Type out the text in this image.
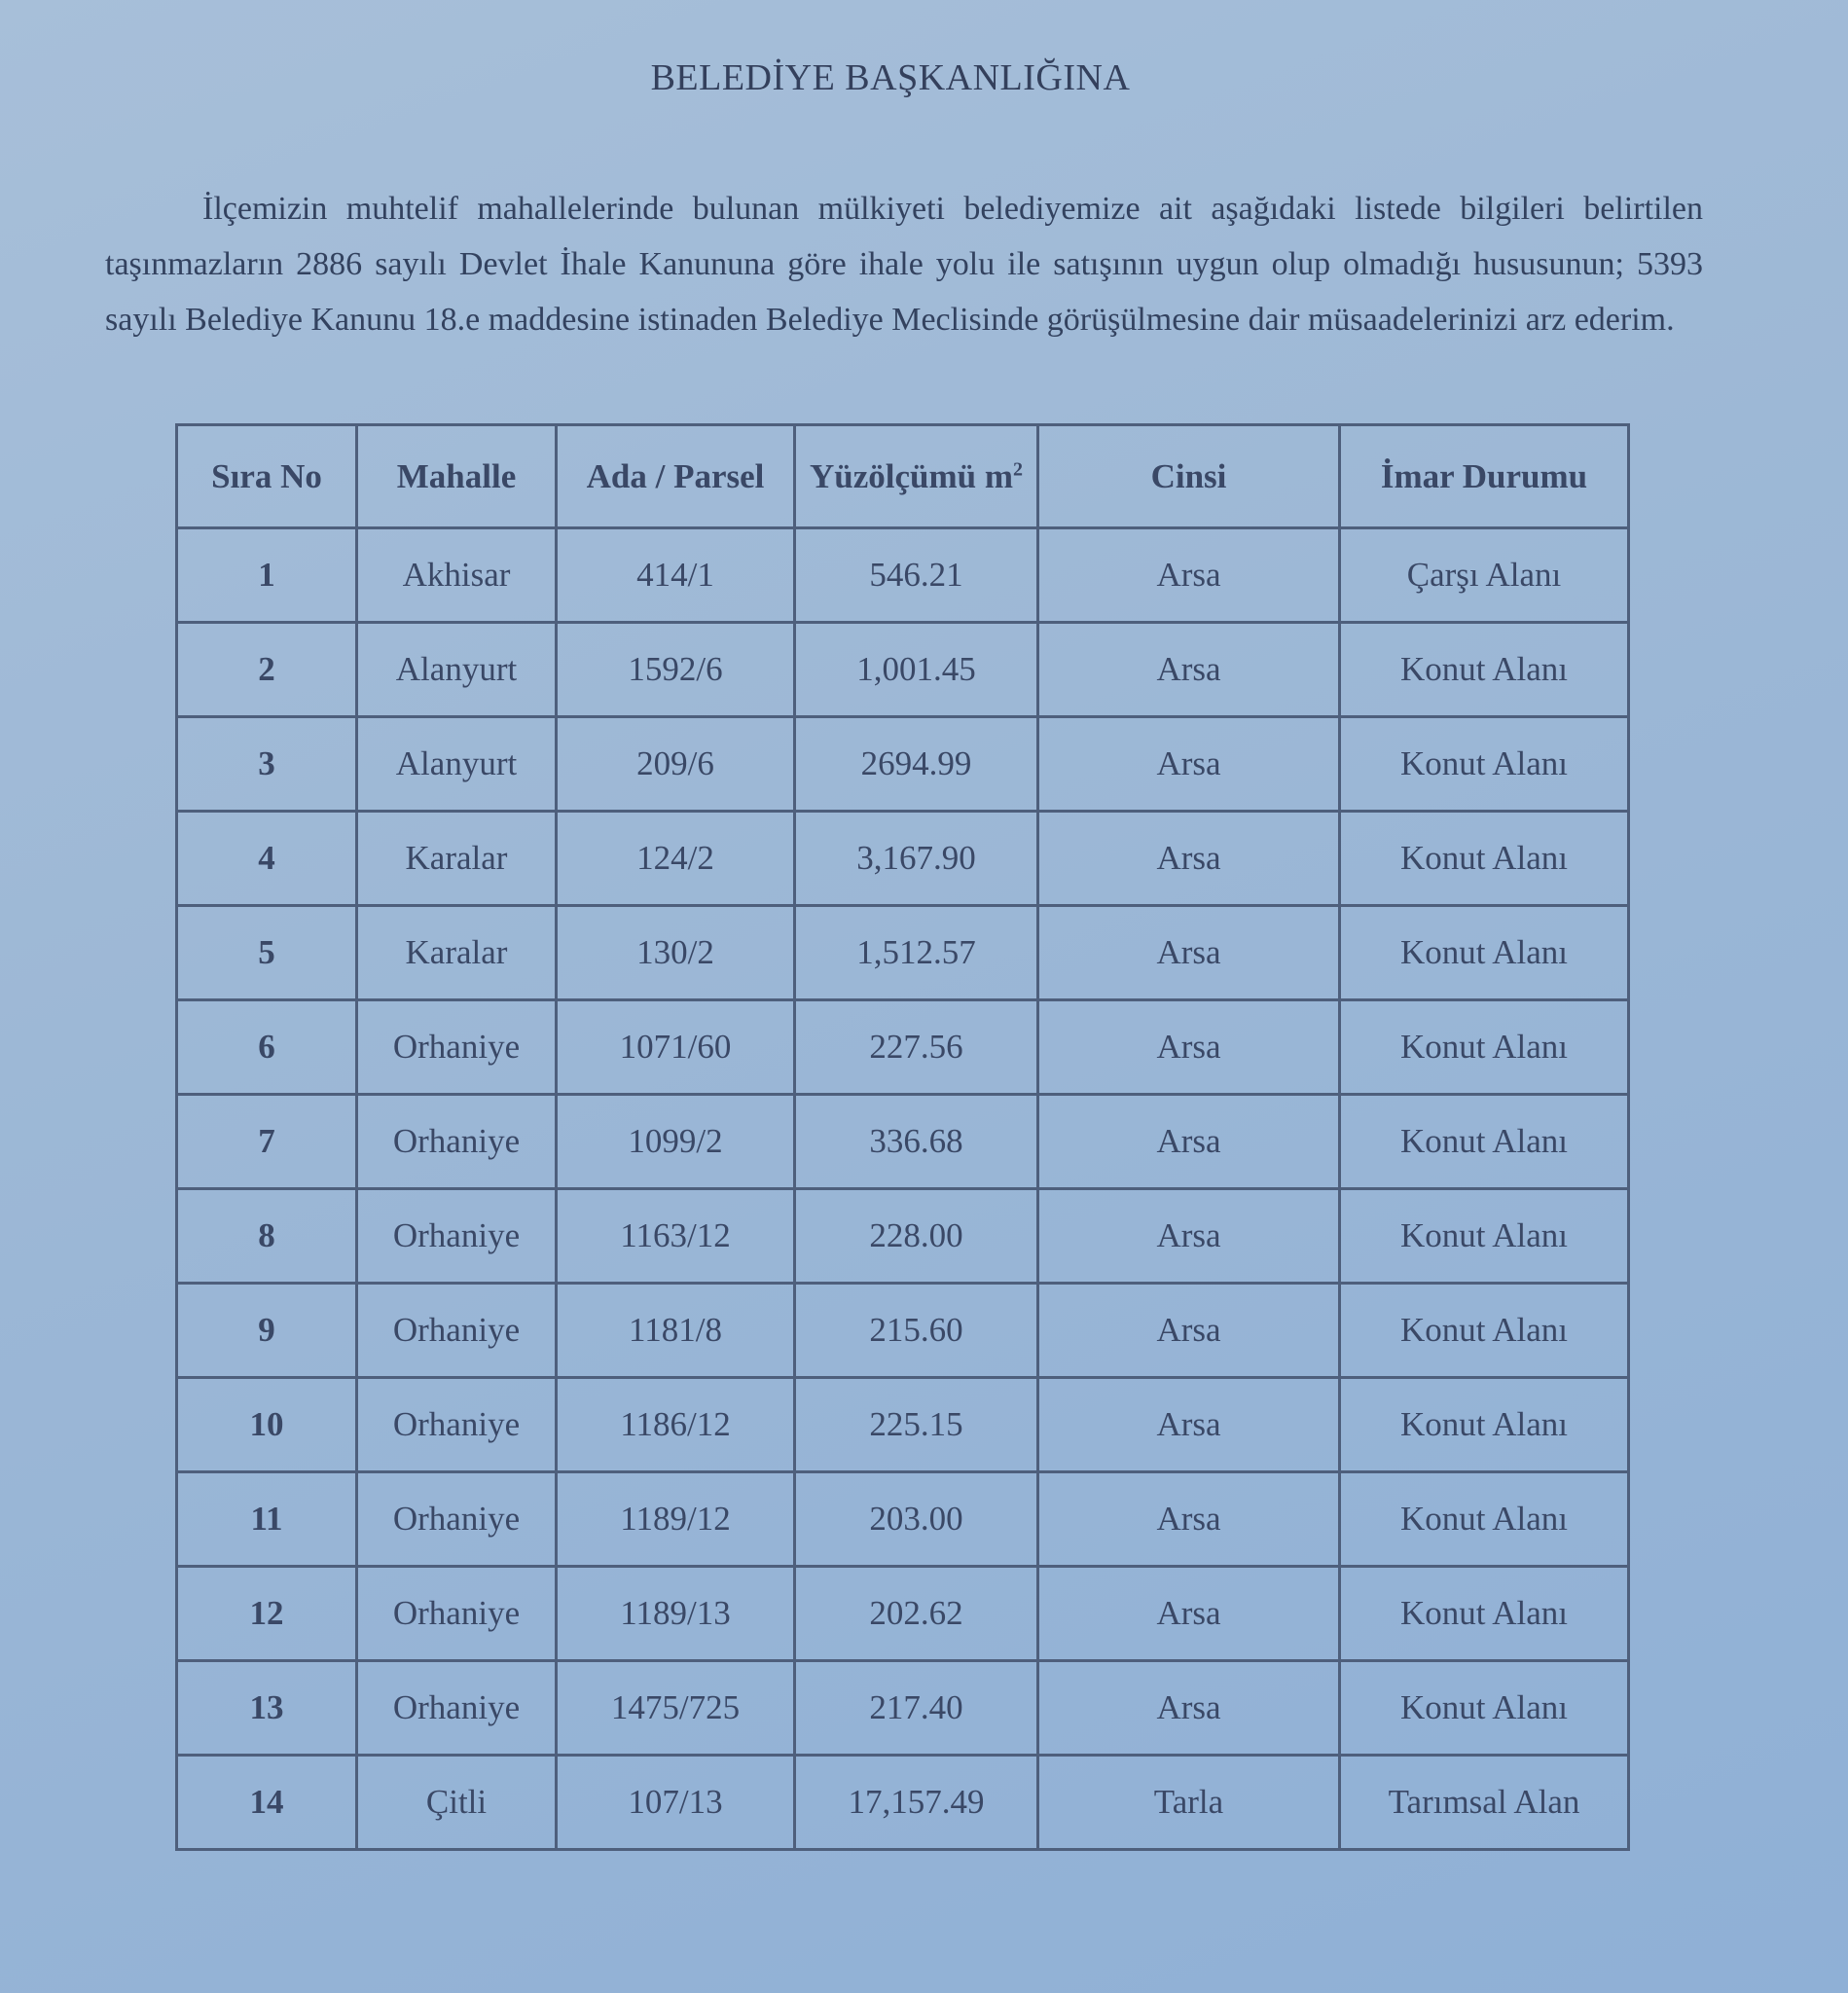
BELEDİYE BAŞKANLIĞINA

İlçemizin muhtelif mahallelerinde bulunan mülkiyeti belediyemize ait aşağıdaki listede bilgileri belirtilen taşınmazların 2886 sayılı Devlet İhale Kanununa göre ihale yolu ile satışının uygun olup olmadığı hususunun; 5393 sayılı Belediye Kanunu 18.e maddesine istinaden Belediye Meclisinde görüşülmesine dair müsaadelerinizi arz ederim.

Sıra No	Mahalle	Ada / Parsel	Yüzölçümü $m^2$	Cinsi	İmar Durumu
1	Akhisar	414/1	546.21	Arsa	Çarşı Alanı
2	Alanyurt	1592/6	1,001.45	Arsa	Konut Alanı
3	Alanyurt	209/6	2694.99	Arsa	Konut Alanı
4	Karalar	124/2	3,167.90	Arsa	Konut Alanı
5	Karalar	130/2	1,512.57	Arsa	Konut Alanı
6	Orhaniye	1071/60	227.56	Arsa	Konut Alanı
7	Orhaniye	1099/2	336.68	Arsa	Konut Alanı
8	Orhaniye	1163/12	228.00	Arsa	Konut Alanı
9	Orhaniye	1181/8	215.60	Arsa	Konut Alanı
10	Orhaniye	1186/12	225.15	Arsa	Konut Alanı
11	Orhaniye	1189/12	203.00	Arsa	Konut Alanı
12	Orhaniye	1189/13	202.62	Arsa	Konut Alanı
13	Orhaniye	1475/725	217.40	Arsa	Konut Alanı
14	Çitli	107/13	17,157.49	Tarla	Tarımsal Alan
